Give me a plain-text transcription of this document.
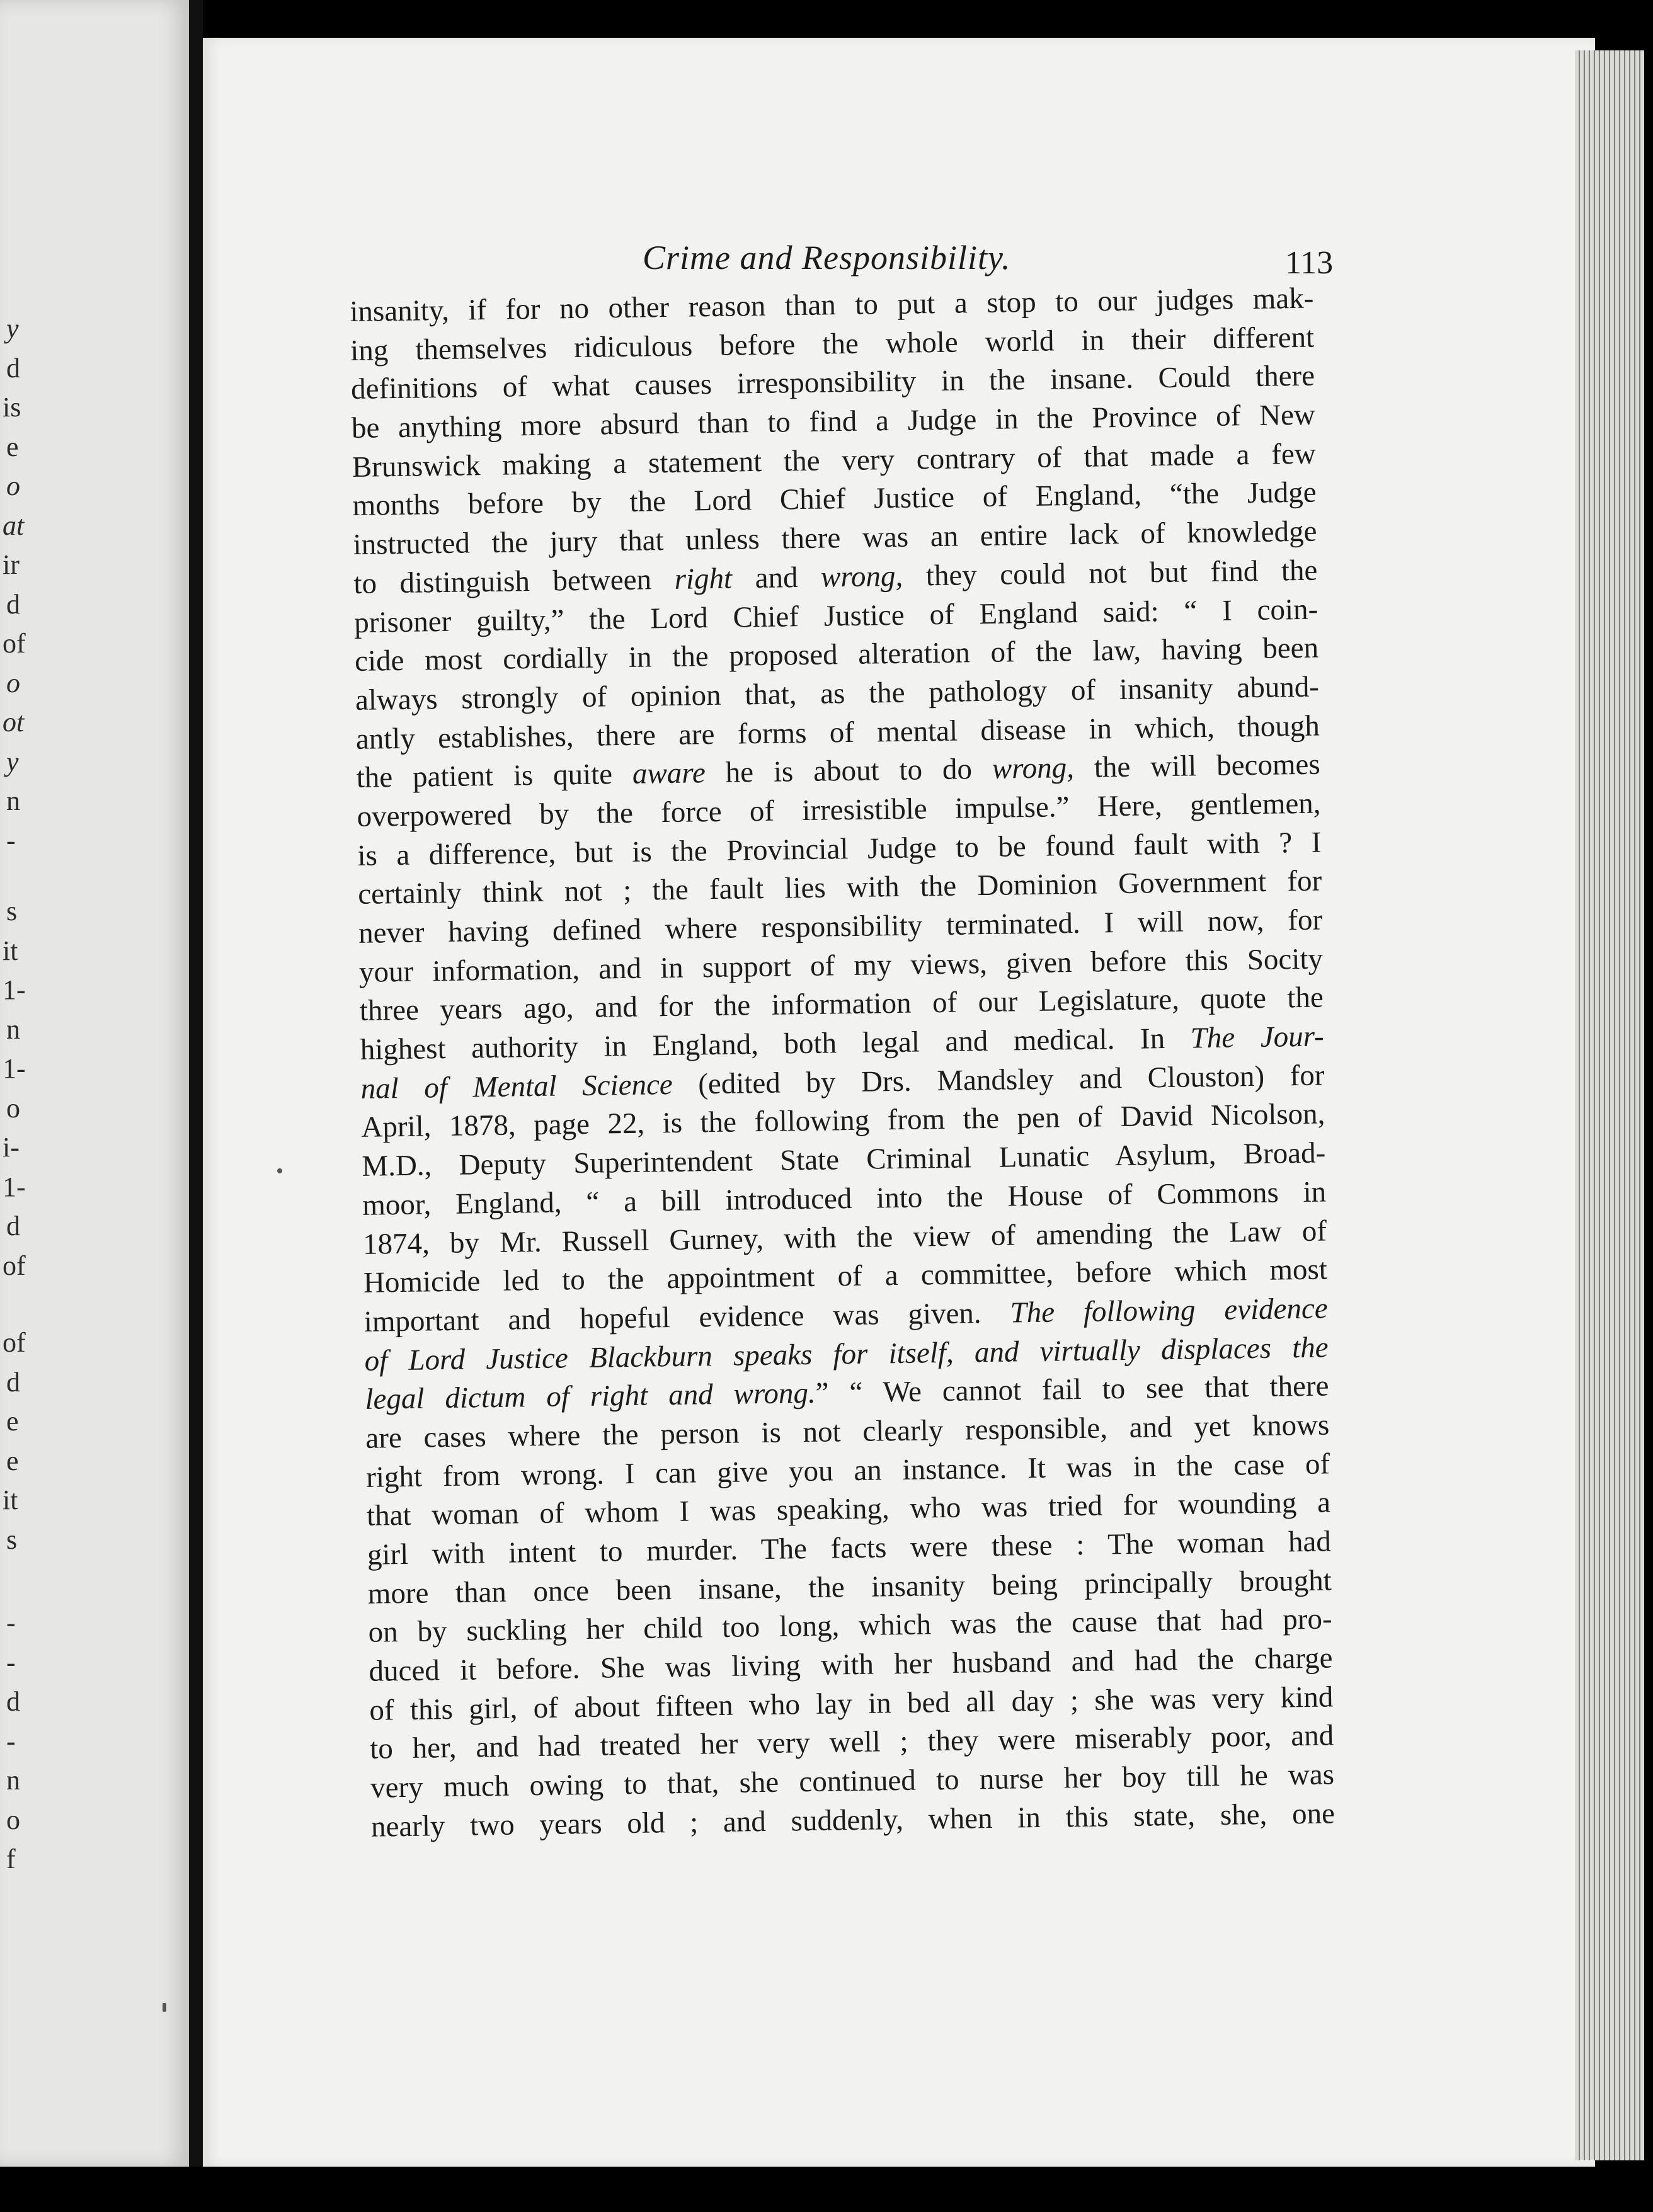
y
d
is
e
o
at
ir
d
of
o
ot
y
n
-
s
it
1-
n
1-
o
i-
1-
d
of
of
d
e
e
it
s
-
-
d
-
n
o
f
Crime and Responsibility.	113
insanity, if for no other reason than to put a stop to our judges mak-
ing themselves ridiculous before the whole world in their different
definitions of what causes irresponsibility in the insane. Could there
be anything more absurd than to find a Judge in the Province of New
Brunswick making a statement the very contrary of that made a few
months before by the Lord Chief Justice of England, “the Judge
instructed the jury that unless there was an entire lack of knowledge
to distinguish between right and wrong, they could not but find the
prisoner guilty,” the Lord Chief Justice of England said: “ I coin-
cide most cordially in the proposed alteration of the law, having been
always strongly of opinion that, as the pathology of insanity abund-
antly establishes, there are forms of mental disease in which, though
the patient is quite aware he is about to do wrong, the will becomes
overpowered by the force of irresistible impulse.” Here, gentlemen,
is a difference, but is the Provincial Judge to be found fault with ? I
certainly think not ; the fault lies with the Dominion Government for
never having defined where responsibility terminated. I will now, for
your information, and in support of my views, given before this Socity
three years ago, and for the information of our Legislature, quote the
highest authority in England, both legal and medical. In The Jour-
nal of Mental Science (edited by Drs. Mandsley and Clouston) for
April, 1878, page 22, is the following from the pen of David Nicolson,
M.D., Deputy Superintendent State Criminal Lunatic Asylum, Broad-
moor, England, “ a bill introduced into the House of Commons in
1874, by Mr. Russell Gurney, with the view of amending the Law of
Homicide led to the appointment of a committee, before which most
important and hopeful evidence was given. The following evidence
of Lord Justice Blackburn speaks for itself, and virtually displaces the
legal dictum of right and wrong.” “ We cannot fail to see that there
are cases where the person is not clearly responsible, and yet knows
right from wrong. I can give you an instance. It was in the case of
that woman of whom I was speaking, who was tried for wounding a
girl with intent to murder. The facts were these : The woman had
more than once been insane, the insanity being principally brought
on by suckling her child too long, which was the cause that had pro-
duced it before. She was living with her husband and had the charge
of this girl, of about fifteen who lay in bed all day ; she was very kind
to her, and had treated her very well ; they were miserably poor, and
very much owing to that, she continued to nurse her boy till he was
nearly two years old ; and suddenly, when in this state, she, one
